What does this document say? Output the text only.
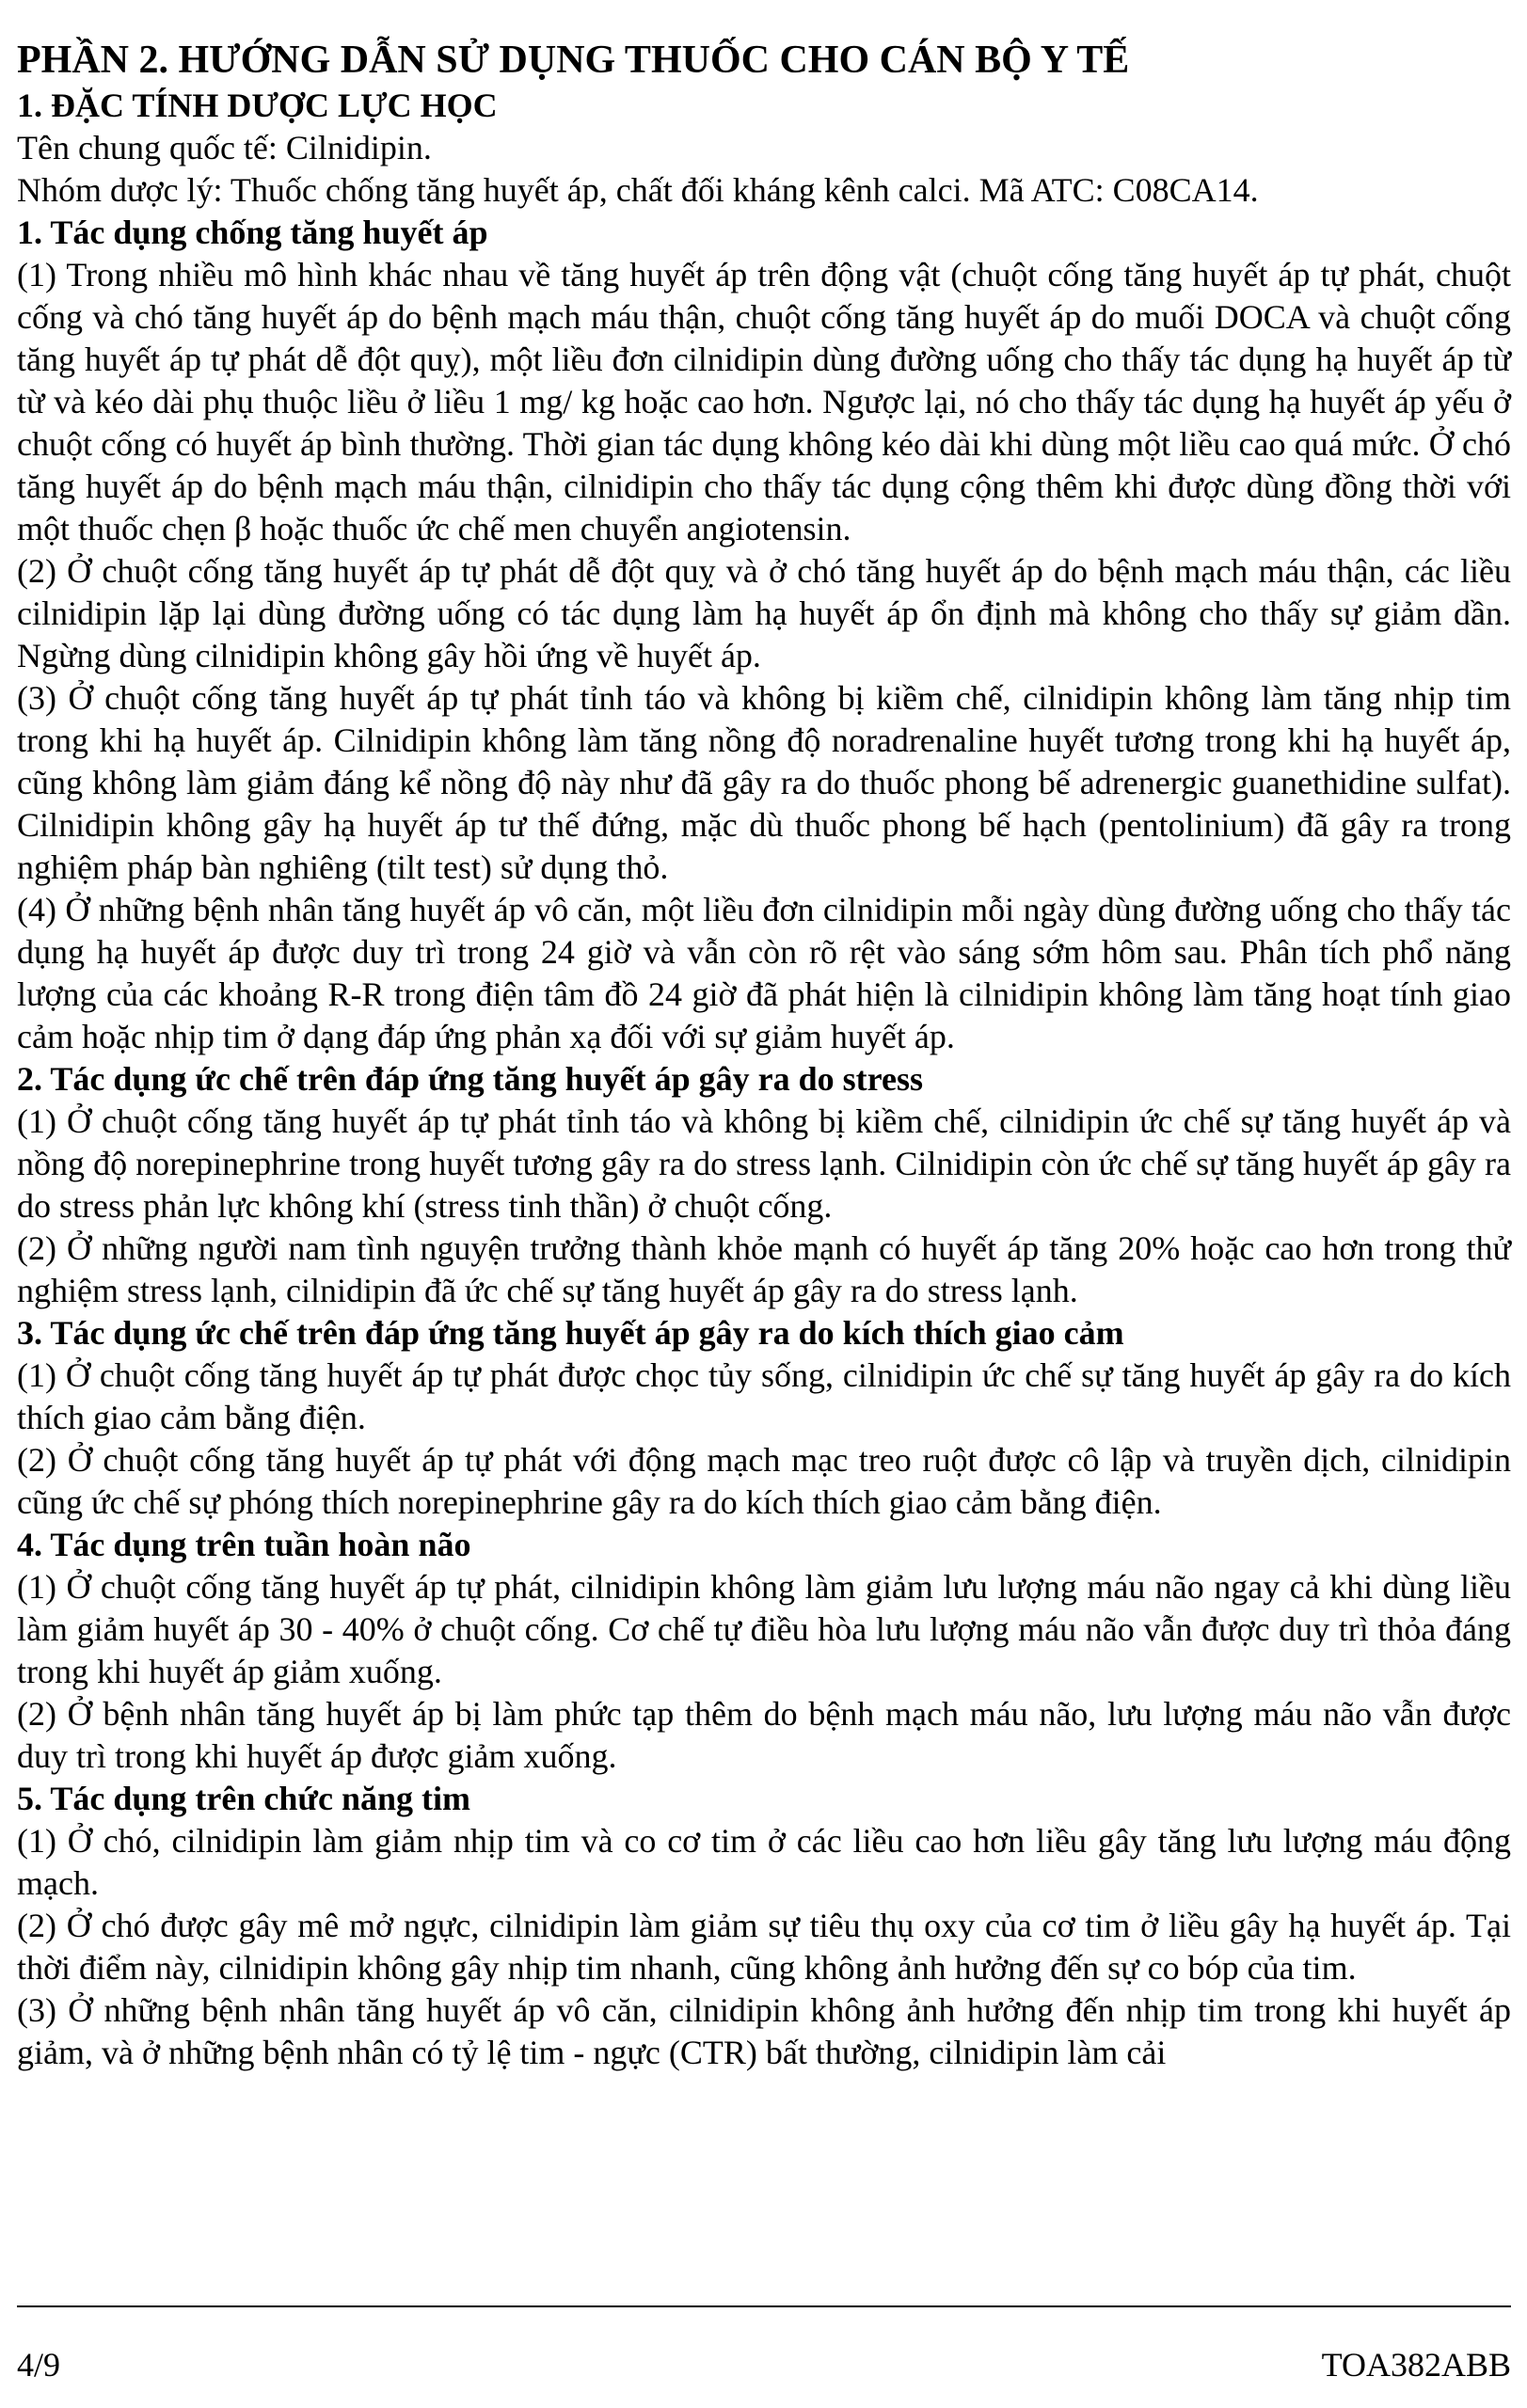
PHẦN 2. HƯỚNG DẪN SỬ DỤNG THUỐC CHO CÁN BỘ Y TẾ
1. ĐẶC TÍNH DƯỢC LỰC HỌC

Tên chung quốc tế: Cilnidipin.

Nhóm dược lý: Thuốc chống tăng huyết áp, chất đối kháng kênh calci. Mã ATC: C08CA14.

1. Tác dụng chống tăng huyết áp

(1) Trong nhiều mô hình khác nhau về tăng huyết áp trên động vật (chuột cống tăng huyết áp tự phát, chuột cống và chó tăng huyết áp do bệnh mạch máu thận, chuột cống tăng huyết áp do muối DOCA và chuột cống tăng huyết áp tự phát dễ đột quỵ), một liều đơn cilnidipin dùng đường uống cho thấy tác dụng hạ huyết áp từ từ và kéo dài phụ thuộc liều ở liều 1 mg/ kg hoặc cao hơn. Ngược lại, nó cho thấy tác dụng hạ huyết áp yếu ở chuột cống có huyết áp bình thường. Thời gian tác dụng không kéo dài khi dùng một liều cao quá mức. Ở chó tăng huyết áp do bệnh mạch máu thận, cilnidipin cho thấy tác dụng cộng thêm khi được dùng đồng thời với một thuốc chẹn β hoặc thuốc ức chế men chuyển angiotensin.

(2) Ở chuột cống tăng huyết áp tự phát dễ đột quỵ và ở chó tăng huyết áp do bệnh mạch máu thận, các liều cilnidipin lặp lại dùng đường uống có tác dụng làm hạ huyết áp ổn định mà không cho thấy sự giảm dần. Ngừng dùng cilnidipin không gây hồi ứng về huyết áp.

(3) Ở chuột cống tăng huyết áp tự phát tỉnh táo và không bị kiềm chế, cilnidipin không làm tăng nhịp tim trong khi hạ huyết áp. Cilnidipin không làm tăng nồng độ noradrenaline huyết tương trong khi hạ huyết áp, cũng không làm giảm đáng kể nồng độ này như đã gây ra do thuốc phong bế adrenergic guanethidine sulfat). Cilnidipin không gây hạ huyết áp tư thế đứng, mặc dù thuốc phong bế hạch (pentolinium) đã gây ra trong nghiệm pháp bàn nghiêng (tilt test) sử dụng thỏ.

(4) Ở những bệnh nhân tăng huyết áp vô căn, một liều đơn cilnidipin mỗi ngày dùng đường uống cho thấy tác dụng hạ huyết áp được duy trì trong 24 giờ và vẫn còn rõ rệt vào sáng sớm hôm sau. Phân tích phổ năng lượng của các khoảng R-R trong điện tâm đồ 24 giờ đã phát hiện là cilnidipin không làm tăng hoạt tính giao cảm hoặc nhịp tim ở dạng đáp ứng phản xạ đối với sự giảm huyết áp.

2. Tác dụng ức chế trên đáp ứng tăng huyết áp gây ra do stress

(1) Ở chuột cống tăng huyết áp tự phát tỉnh táo và không bị kiềm chế, cilnidipin ức chế sự tăng huyết áp và nồng độ norepinephrine trong huyết tương gây ra do stress lạnh. Cilnidipin còn ức chế sự tăng huyết áp gây ra do stress phản lực không khí (stress tinh thần) ở chuột cống.

(2) Ở những người nam tình nguyện trưởng thành khỏe mạnh có huyết áp tăng 20% hoặc cao hơn trong thử nghiệm stress lạnh, cilnidipin đã ức chế sự tăng huyết áp gây ra do stress lạnh.

3. Tác dụng ức chế trên đáp ứng tăng huyết áp gây ra do kích thích giao cảm

(1) Ở chuột cống tăng huyết áp tự phát được chọc tủy sống, cilnidipin ức chế sự tăng huyết áp gây ra do kích thích giao cảm bằng điện.

(2) Ở chuột cống tăng huyết áp tự phát với động mạch mạc treo ruột được cô lập và truyền dịch, cilnidipin cũng ức chế sự phóng thích norepinephrine gây ra do kích thích giao cảm bằng điện.

4. Tác dụng trên tuần hoàn não

(1) Ở chuột cống tăng huyết áp tự phát, cilnidipin không làm giảm lưu lượng máu não ngay cả khi dùng liều làm giảm huyết áp 30 - 40% ở chuột cống. Cơ chế tự điều hòa lưu lượng máu não vẫn được duy trì thỏa đáng trong khi huyết áp giảm xuống.

(2) Ở bệnh nhân tăng huyết áp bị làm phức tạp thêm do bệnh mạch máu não, lưu lượng máu não vẫn được duy trì trong khi huyết áp được giảm xuống.

5. Tác dụng trên chức năng tim

(1) Ở chó, cilnidipin làm giảm nhịp tim và co cơ tim ở các liều cao hơn liều gây tăng lưu lượng máu động mạch.

(2) Ở chó được gây mê mở ngực, cilnidipin làm giảm sự tiêu thụ oxy của cơ tim ở liều gây hạ huyết áp. Tại thời điểm này, cilnidipin không gây nhịp tim nhanh, cũng không ảnh hưởng đến sự co bóp của tim.

(3) Ở những bệnh nhân tăng huyết áp vô căn, cilnidipin không ảnh hưởng đến nhịp tim trong khi huyết áp giảm, và ở những bệnh nhân có tỷ lệ tim - ngực (CTR) bất thường, cilnidipin làm cải

4/9	TOA382ABB
